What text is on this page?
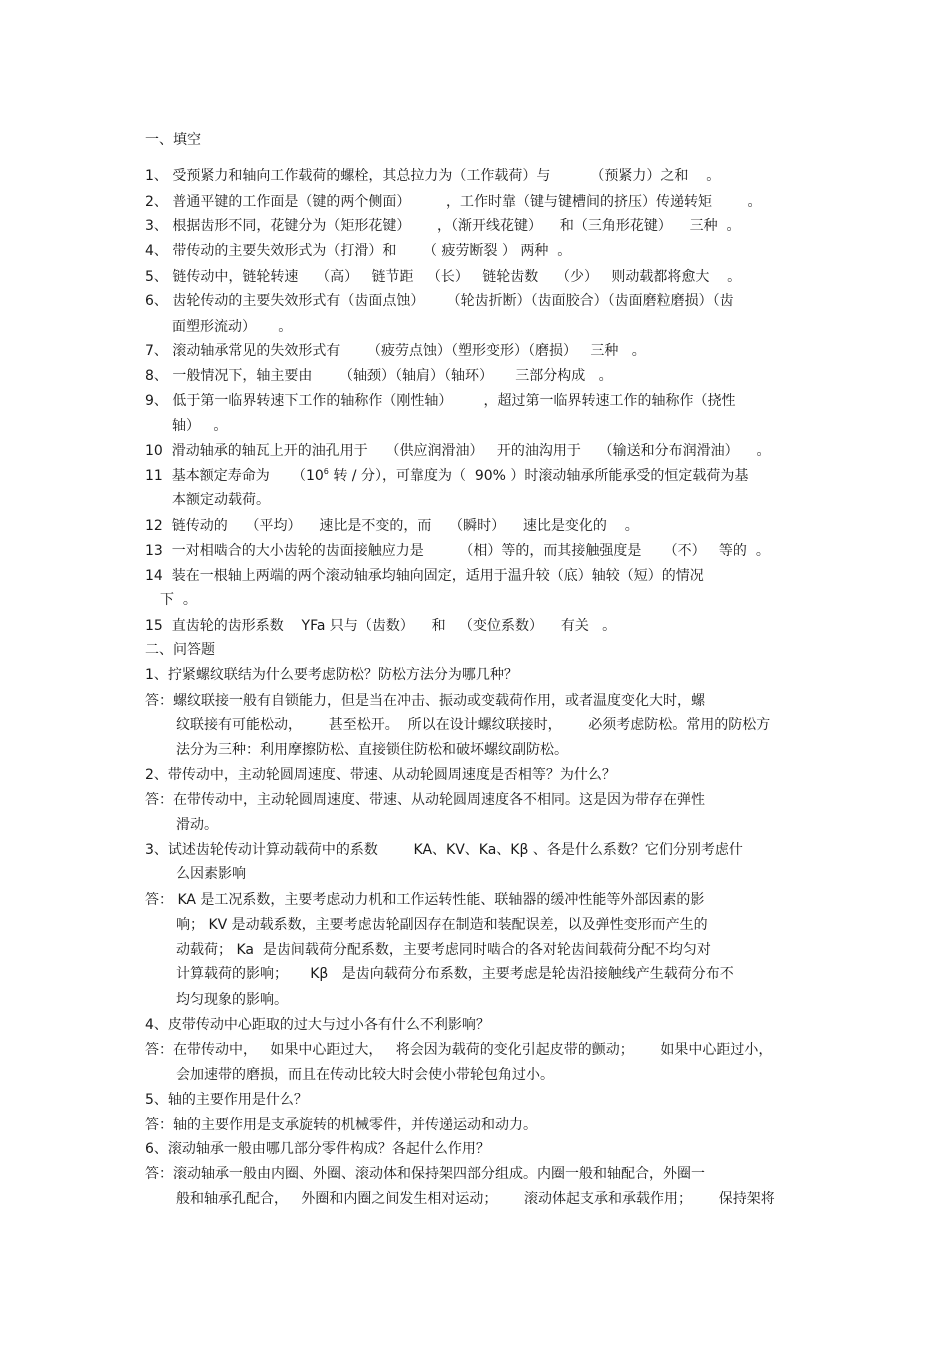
一、填空
1、 受预紧力和轴向工作载荷的螺栓，其总拉力为（工作载荷）与         （预紧力）之和    。
2、 普通平键的工作面是（键的两个侧面）        ，工作时靠（键与键槽间的挤压）传递转矩        。
3、 根据齿形不同，花键分为（矩形花键）      ，（渐开线花键）    和（三角形花键）    三种  。
4、 带传动的主要失效形式为（打滑）和      （ 疲劳断裂 ） 两种  。
5、 链传动中，链轮转速    （高）   链节距   （长）   链轮齿数    （少）   则动载都将愈大    。
6、 齿轮传动的主要失效形式有（齿面点蚀）     （轮齿折断）（齿面胶合）（齿面磨粒磨损）（齿
面塑形流动）     。
7、 滚动轴承常见的失效形式有      （疲劳点蚀）（塑形变形）（磨损）   三种   。
8、 一般情况下，轴主要由      （轴颈）（轴肩）（轴环）     三部分构成   。
9、 低于第一临界转速下工作的轴称作（刚性轴）       ，超过第一临界转速工作的轴称作（挠性
轴）   。
10  滑动轴承的轴瓦上开的油孔用于    （供应润滑油）   开的油沟用于    （输送和分布润滑油）    。
11  基本额定寿命为     （$10^6$ 转 / 分），可靠度为（  90% ）时滚动轴承所能承受的恒定载荷为基
本额定动载荷。
12  链传动的    （平均）    速比是不变的，而    （瞬时）    速比是变化的    。
13  一对相啮合的大小齿轮的齿面接触应力是        （相）等的，而其接触强度是     （不）   等的  。
14  装在一根轴上两端的两个滚动轴承均轴向固定，适用于温升较（底）轴较（短）的情况
下  。
15  直齿轮的齿形系数    YFa 只与（齿数）    和   （变位系数）    有关   。
二、问答题
1、拧紧螺纹联结为什么要考虑防松？防松方法分为哪几种？
答：螺纹联接一般有自锁能力，但是当在冲击、振动或变载荷作用，或者温度变化大时，螺
纹联接有可能松动，      甚至松开。  所以在设计螺纹联接时，      必须考虑防松。常用的防松方
法分为三种：利用摩擦防松、直接锁住防松和破坏螺纹副防松。
2、带传动中，主动轮圆周速度、带速、从动轮圆周速度是否相等？为什么？
答：在带传动中，主动轮圆周速度、带速、从动轮圆周速度各不相同。这是因为带存在弹性
滑动。
3、试述齿轮传动计算动载荷中的系数        KA、KV、Ka、Kβ 、各是什么系数？它们分别考虑什
么因素影响
答： KA 是工况系数，主要考虑动力机和工作运转性能、联轴器的缓冲性能等外部因素的影
响； KV 是动载系数，主要考虑齿轮副因存在制造和装配误差，以及弹性变形而产生的
动载荷； Ka  是齿间载荷分配系数，主要考虑同时啮合的各对轮齿间载荷分配不均匀对
计算载荷的影响；     Kβ   是齿向载荷分布系数，主要考虑是轮齿沿接触线产生载荷分布不
均匀现象的影响。
4、皮带传动中心距取的过大与过小各有什么不利影响？
答：在带传动中，   如果中心距过大，   将会因为载荷的变化引起皮带的颤动；      如果中心距过小，
会加速带的磨损，而且在传动比较大时会使小带轮包角过小。
5、轴的主要作用是什么？
答：轴的主要作用是支承旋转的机械零件，并传递运动和动力。
6、滚动轴承一般由哪几部分零件构成？各起什么作用？
答：滚动轴承一般由内圈、外圈、滚动体和保持架四部分组成。内圈一般和轴配合，外圈一
般和轴承孔配合，   外圈和内圈之间发生相对运动；      滚动体起支承和承载作用；      保持架将
